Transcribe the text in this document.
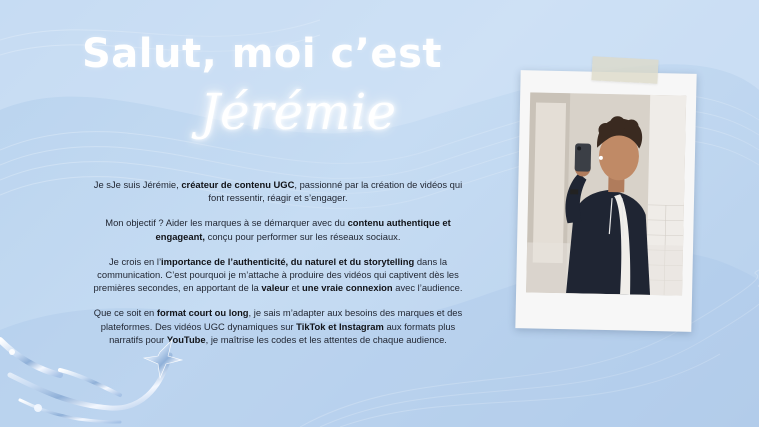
Salut, moi c’est
Jérémie

Je sJe suis Jérémie, créateur de contenu UGC, passionné par la création de vidéos qui font ressentir, réagir et s’engager.

Mon objectif ? Aider les marques à se démarquer avec du contenu authentique et engageant, conçu pour performer sur les réseaux sociaux.

Je crois en l’importance de l’authenticité, du naturel et du storytelling dans la communication. C’est pourquoi je m’attache à produire des vidéos qui captivent dès les premières secondes, en apportant de la valeur et une vraie connexion avec l’audience.

Que ce soit en format court ou long, je sais m’adapter aux besoins des marques et des plateformes. Des vidéos UGC dynamiques sur TikTok et Instagram aux formats plus narratifs pour YouTube, je maîtrise les codes et les attentes de chaque audience.
